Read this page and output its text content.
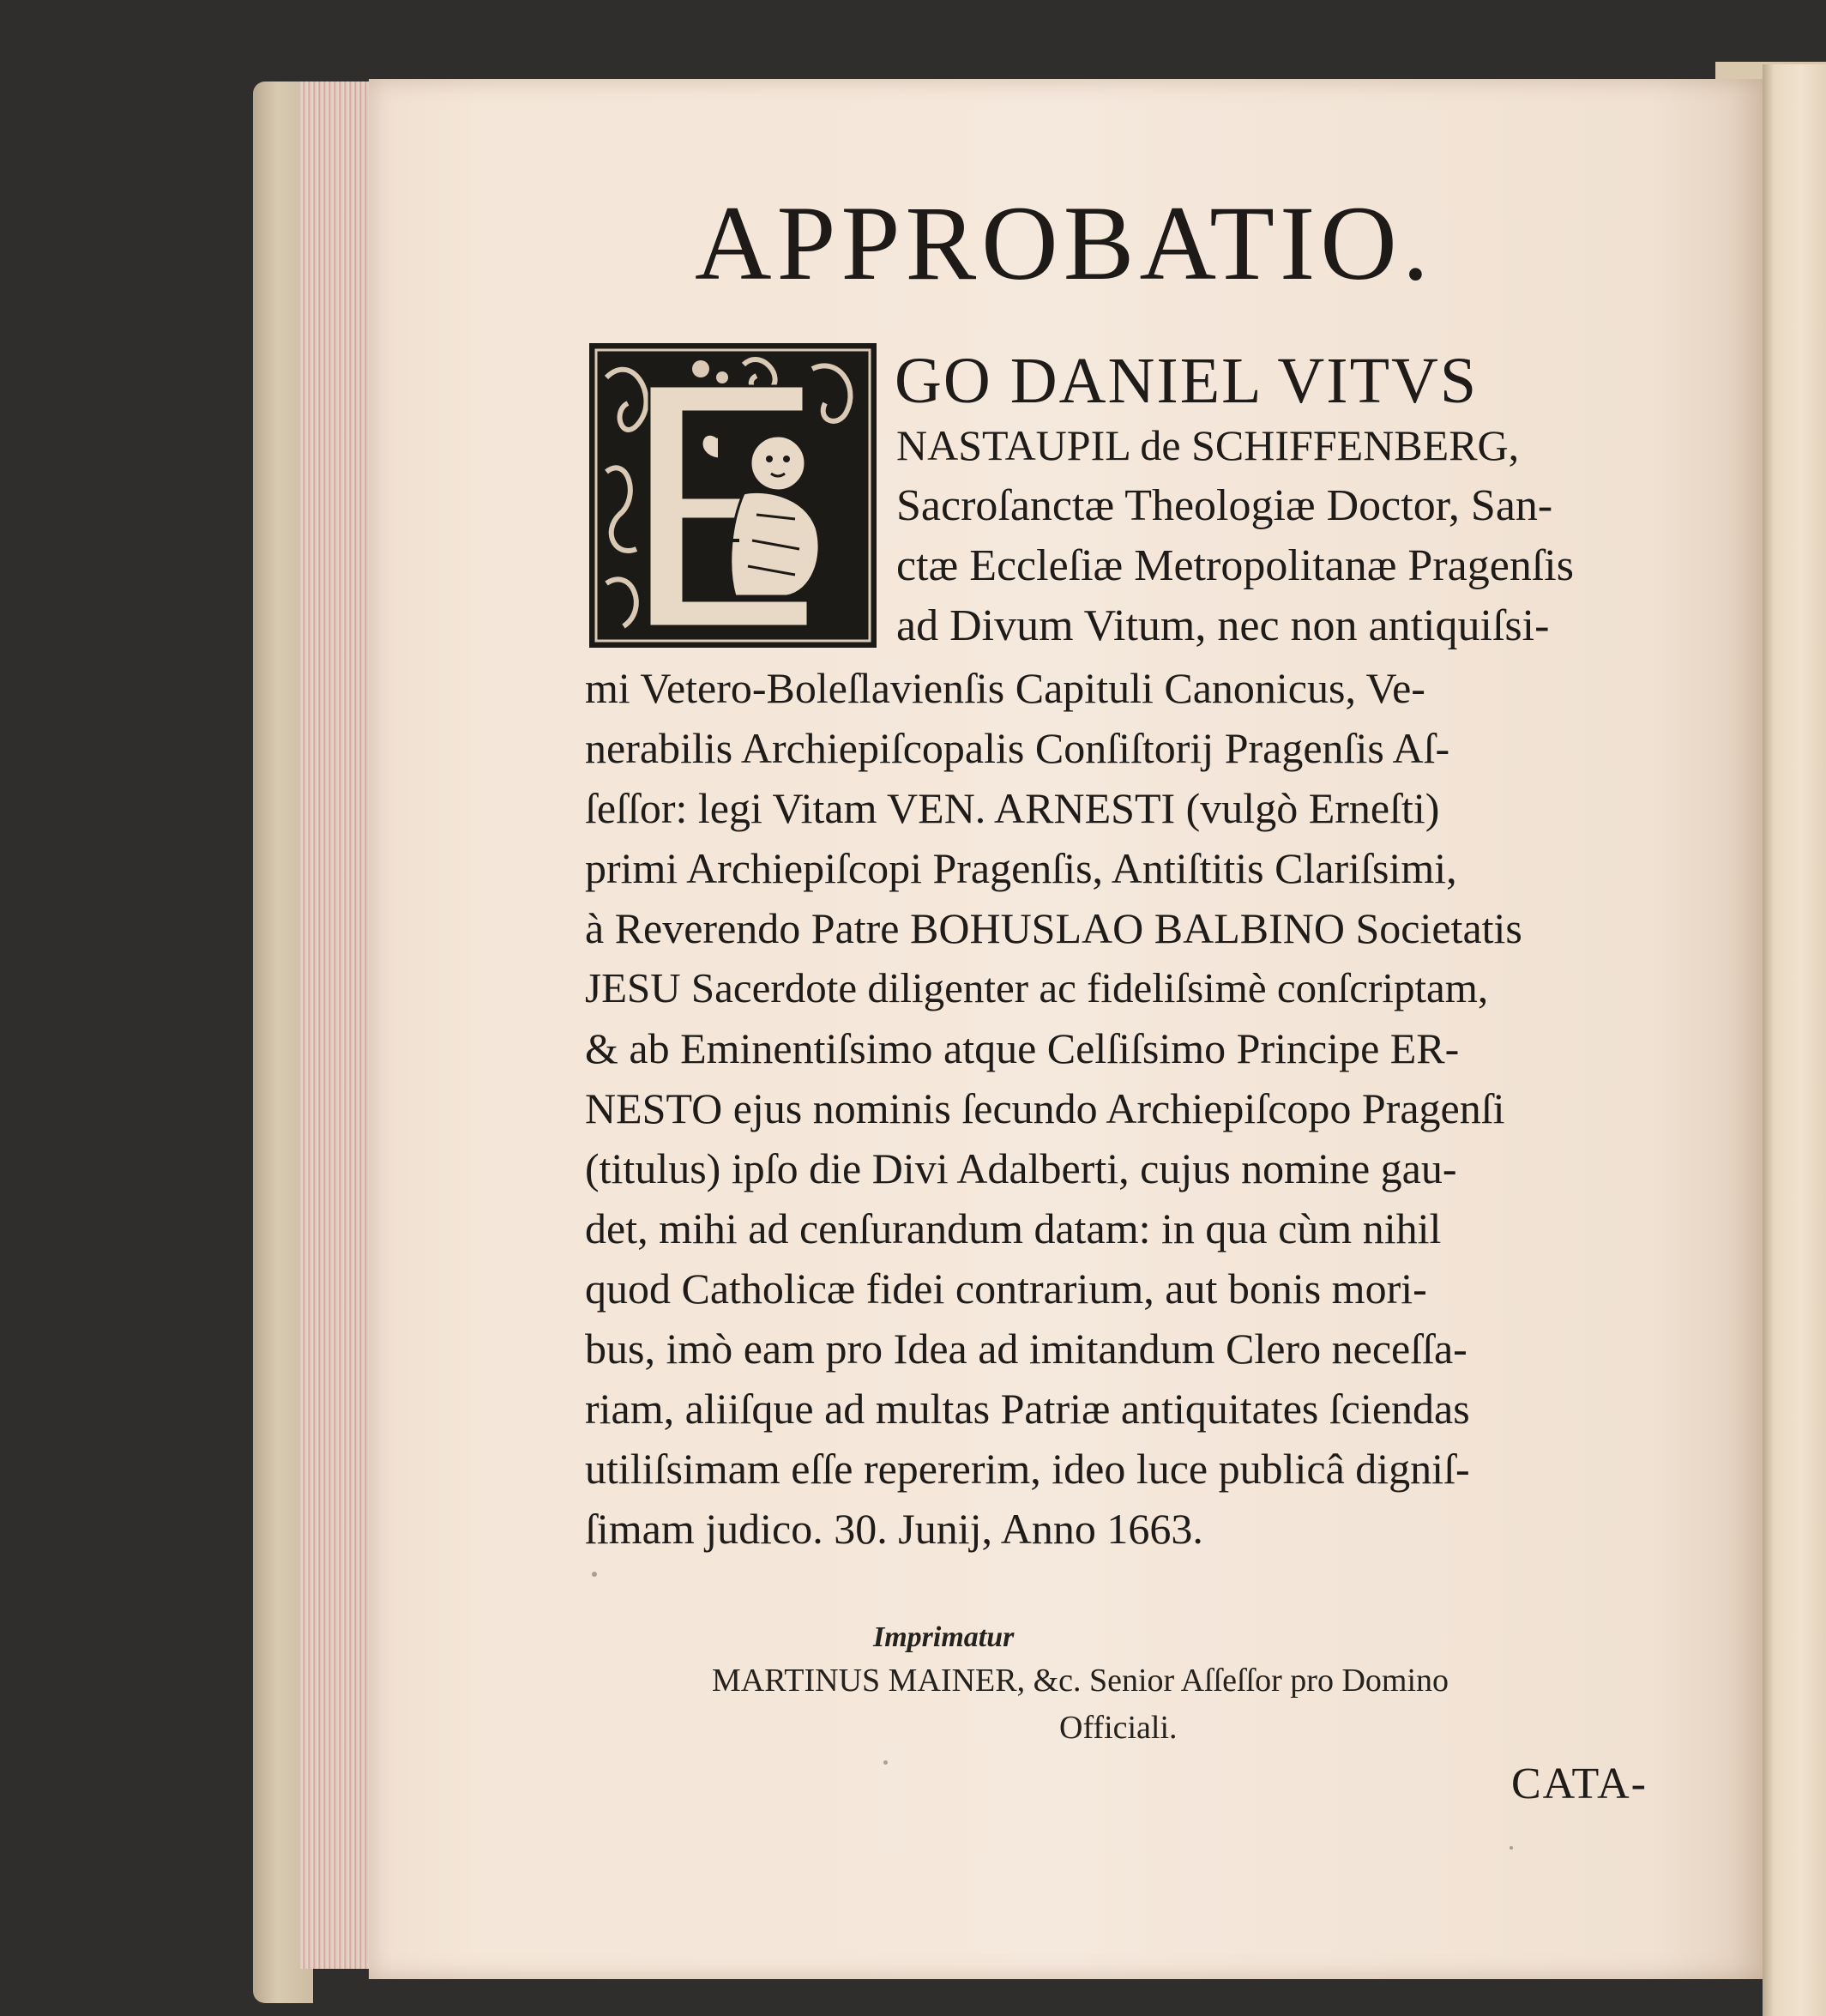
APPROBATIO.
GO DANIEL VITVS
NASTAUPIL de SCHIFFENBERG,
Sacroſanctæ Theologiæ Doctor, San-
ctæ Eccleſiæ Metropolitanæ Pragenſis
ad Divum Vitum, nec non antiquiſsi-
mi Vetero-Boleſlavienſis Capituli Canonicus, Ve-
nerabilis Archiepiſcopalis Conſiſtorij Pragenſis Aſ-
ſeſſor: legi Vitam VEN. ARNESTI (vulgò Erneſti)
primi Archiepiſcopi Pragenſis, Antiſtitis Clariſsimi,
à Reverendo Patre BOHUSLAO BALBINO Societatis
JESU Sacerdote diligenter ac fideliſsimè conſcriptam,
& ab Eminentiſsimo atque Celſiſsimo Principe ER-
NESTO ejus nominis ſecundo Archiepiſcopo Pragenſi
(titulus) ipſo die Divi Adalberti, cujus nomine gau-
det, mihi ad cenſurandum datam: in qua cùm nihil
quod Catholicæ fidei contrarium, aut bonis mori-
bus, imò eam pro Idea ad imitandum Clero neceſſa-
riam, aliiſque ad multas Patriæ antiquitates ſciendas
utiliſsimam eſſe repererim, ideo luce publicâ digniſ-
ſimam judico. 30. Junij, Anno 1663.
Imprimatur
MARTINUS MAINER, &c. Senior Aſſeſſor pro Domino
Officiali.
CATA-
